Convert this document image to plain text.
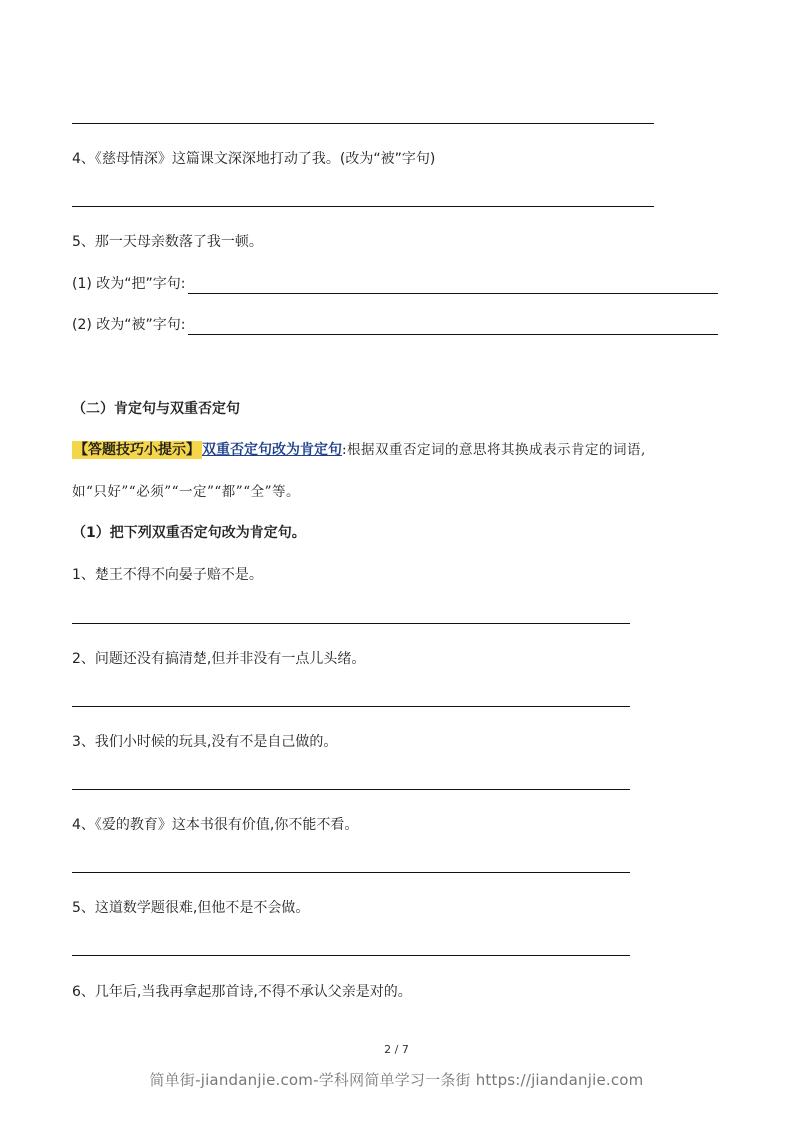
4、《慈母情深》这篇课文深深地打动了我。(改为“被”字句)
5、那一天母亲数落了我一顿。
(1) 改为“把”字句:
(2) 改为“被”字句:
（二）肯定句与双重否定句
【答题技巧小提示】 双重否定句改为肯定句:根据双重否定词的意思将其换成表示肯定的词语,
如“只好”“必须”“一定”“都”“全”等。
（1）把下列双重否定句改为肯定句。
1、楚王不得不向晏子赔不是。
2、问题还没有搞清楚,但并非没有一点儿头绪。
3、我们小时候的玩具,没有不是自己做的。
4、《爱的教育》这本书很有价值,你不能不看。
5、这道数学题很难,但他不是不会做。
6、几年后,当我再拿起那首诗,不得不承认父亲是对的。
2 / 7
简单街-jiandanjie.com-学科网简单学习一条街 https://jiandanjie.com
